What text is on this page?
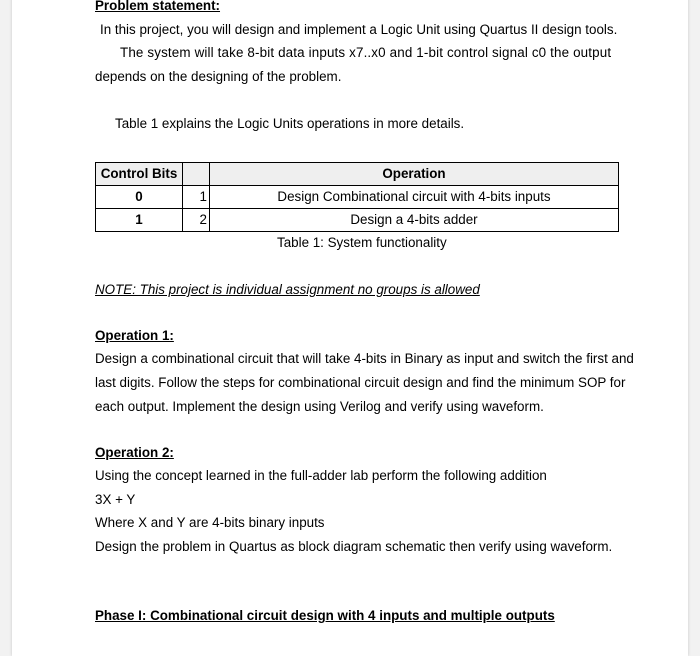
Problem statement:
In this project, you will design and implement a Logic Unit using Quartus II design tools.
The system will take 8-bit data inputs x7..x0 and 1-bit control signal c0 the output
depends on the designing of the problem.
Table 1 explains the Logic Units operations in more details.
Control Bits		Operation
0	1	Design Combinational circuit with 4-bits inputs
1	2	Design a 4-bits adder
Table 1: System functionality
NOTE: This project is individual assignment no groups is allowed
Operation 1:
Design a combinational circuit that will take 4-bits in Binary as input and switch the first and
last digits. Follow the steps for combinational circuit design and find the minimum SOP for
each output. Implement the design using Verilog and verify using waveform.
Operation 2:
Using the concept learned in the full-adder lab perform the following addition
3X + Y
Where X and Y are 4-bits binary inputs
Design the problem in Quartus as block diagram schematic then verify using waveform.
Phase I: Combinational circuit design with 4 inputs and multiple outputs
